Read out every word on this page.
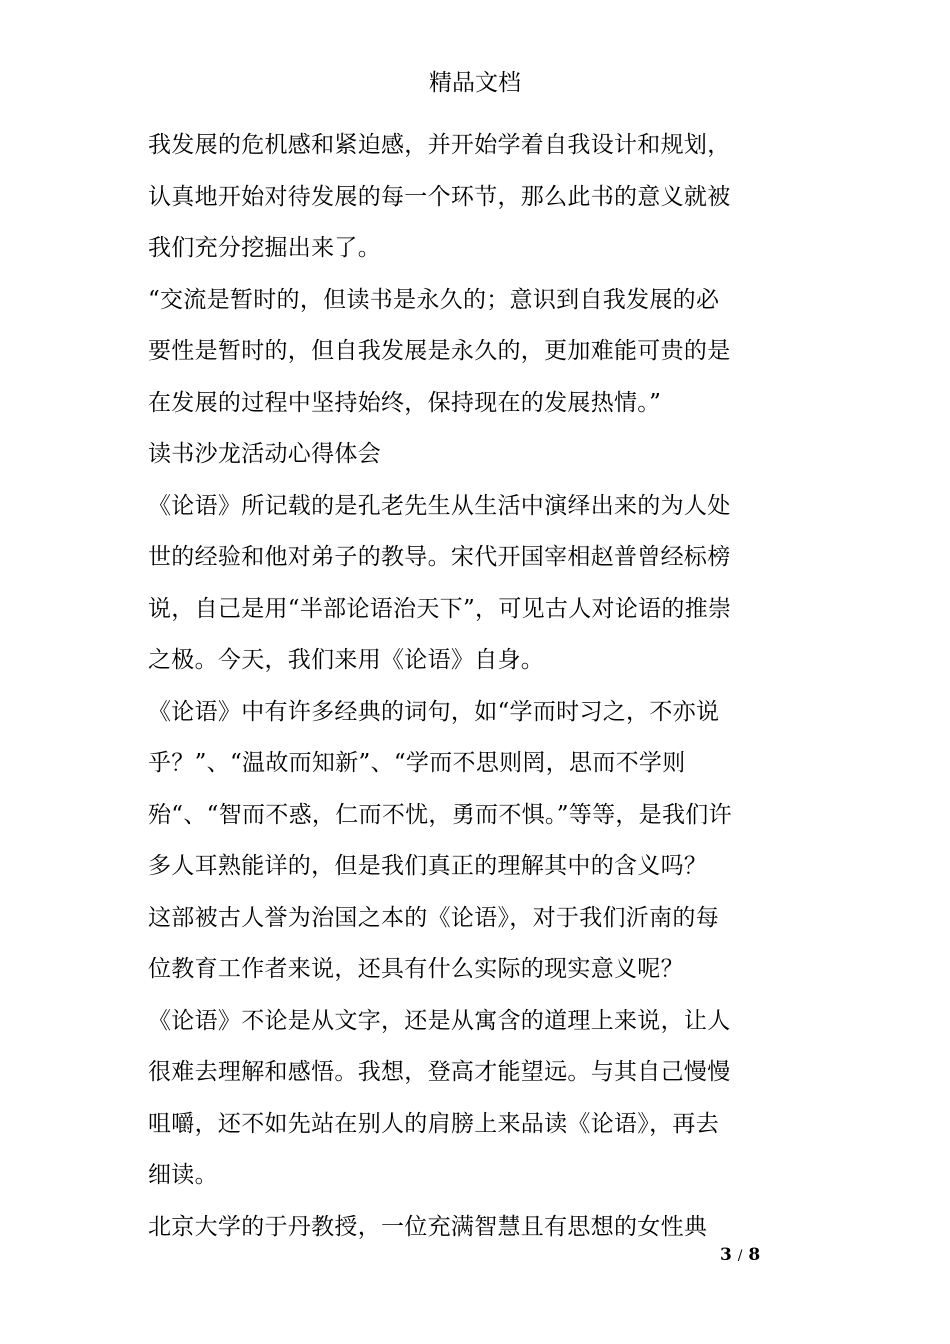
精品文档
我发展的危机感和紧迫感，并开始学着自我设计和规划，
认真地开始对待发展的每一个环节，那么此书的意义就被
我们充分挖掘出来了。
“交流是暂时的，但读书是永久的；意识到自我发展的必
要性是暂时的，但自我发展是永久的，更加难能可贵的是
在发展的过程中坚持始终，保持现在的发展热情。”
读书沙龙活动心得体会
《论语》所记载的是孔老先生从生活中演绎出来的为人处
世的经验和他对弟子的教导。宋代开国宰相赵普曾经标榜
说，自己是用“半部论语治天下”，可见古人对论语的推崇
之极。今天，我们来用《论语》自身。
《论语》中有许多经典的词句，如“学而时习之，不亦说
乎？”、“温故而知新”、“学而不思则罔，思而不学则
殆“、“智而不惑，仁而不忧，勇而不惧。”等等，是我们许
多人耳熟能详的，但是我们真正的理解其中的含义吗？
这部被古人誉为治国之本的《论语》，对于我们沂南的每
位教育工作者来说，还具有什么实际的现实意义呢？
《论语》不论是从文字，还是从寓含的道理上来说，让人
很难去理解和感悟。我想，登高才能望远。与其自己慢慢
咀嚼，还不如先站在别人的肩膀上来品读《论语》，再去
细读。
北京大学的于丹教授，一位充满智慧且有思想的女性典
3 / 8
